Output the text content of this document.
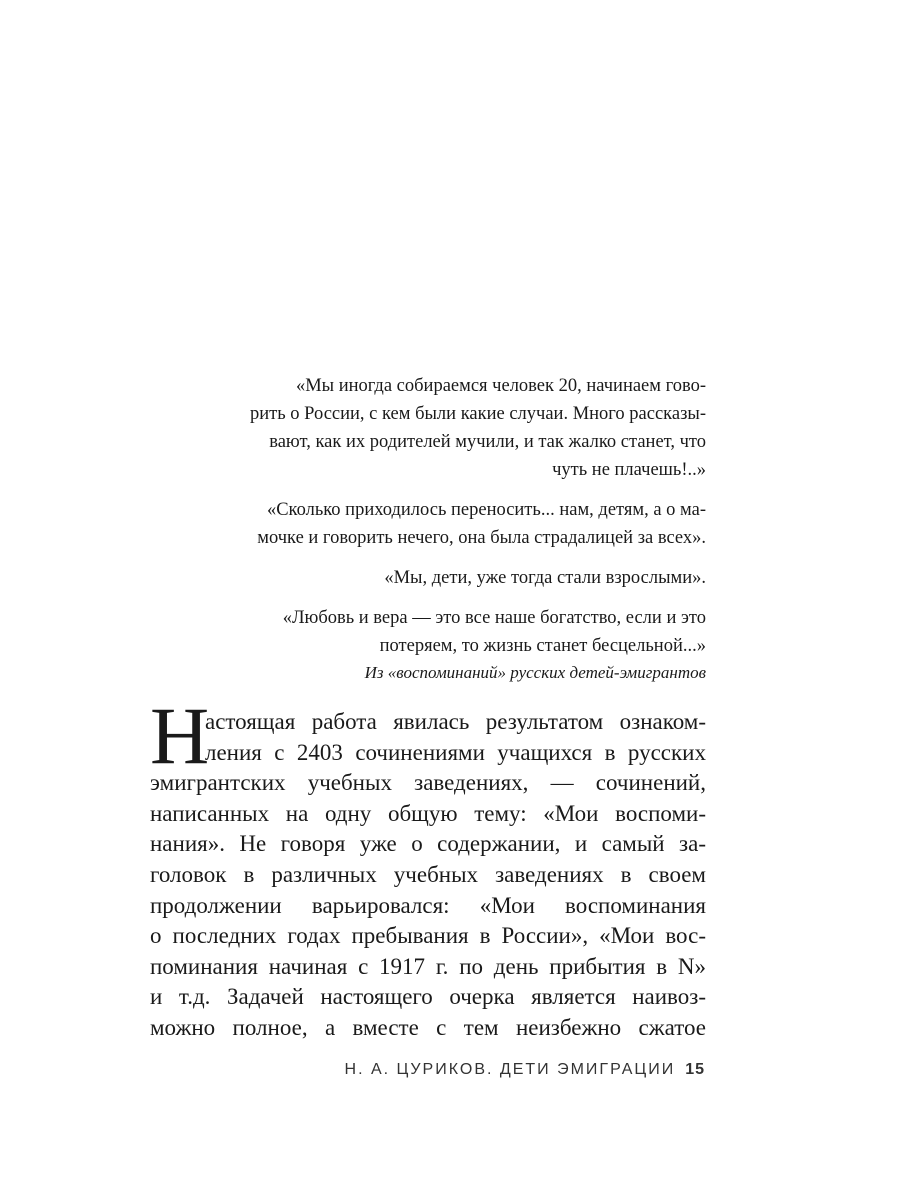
«Мы иногда собираемся человек 20, начинаем гово-
рить о России, с кем были какие случаи. Много рассказы-
вают, как их родителей мучили, и так жалко станет, что
чуть не плачешь!..»
«Сколько приходилось переносить... нам, детям, а о ма-
мочке и говорить нечего, она была страдалицей за всех».
«Мы, дети, уже тогда стали взрослыми».
«Любовь и вера — это все наше богатство, если и это
потеряем, то жизнь станет бесцельной...»
Из «воспоминаний» русских детей-эмигрантов
Н
астоящая работа явилась результатом ознаком-
ления с 2403 сочинениями учащихся в русских
эмигрантских учебных заведениях, — сочинений,
написанных на одну общую тему: «Мои воспоми-
нания». Не говоря уже о содержании, и самый за-
головок в различных учебных заведениях в своем
продолжении варьировался: «Мои воспоминания
о последних годах пребывания в России», «Мои вос-
поминания начиная с 1917 г. по день прибытия в N»
и т.д. Задачей настоящего очерка является наивоз-
можно полное, а вместе с тем неизбежно сжатое
Н. А. ЦУРИКОВ. ДЕТИ ЭМИГРАЦИИ 15
